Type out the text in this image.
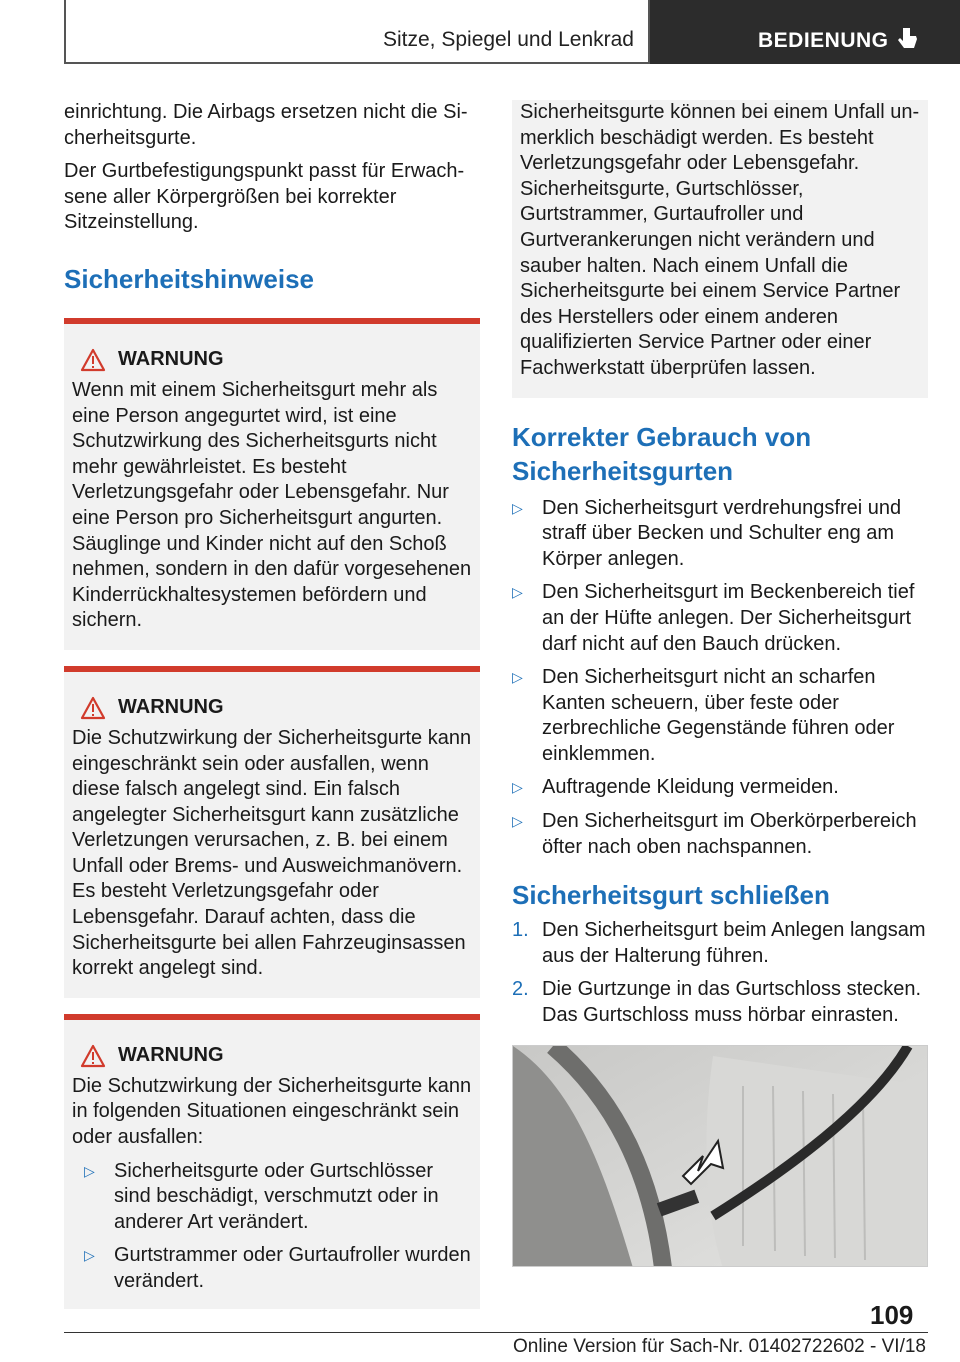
Sitze, Spiegel und Lenkrad	BEDIENUNG

einrichtung. Die Airbags ersetzen nicht die Sicherheitsgurte.

Der Gurtbefestigungspunkt passt für Erwachsene aller Körpergrößen bei korrekter Sitzeinstellung.

Sicherheitshinweise
WARNUNG

Wenn mit einem Sicherheitsgurt mehr als eine Person angegurtet wird, ist eine Schutzwirkung des Sicherheitsgurts nicht mehr gewährleistet. Es besteht Verletzungsgefahr oder Lebensgefahr. Nur eine Person pro Sicherheitsgurt angurten. Säuglinge und Kinder nicht auf den Schoß nehmen, sondern in den dafür vorgesehenen Kinderrückhaltesystemen befördern und sichern.

WARNUNG

Die Schutzwirkung der Sicherheitsgurte kann eingeschränkt sein oder ausfallen, wenn diese falsch angelegt sind. Ein falsch angelegter Sicherheitsgurt kann zusätzliche Verletzungen verursachen, z. B. bei einem Unfall oder Brems- und Ausweichmanövern. Es besteht Verletzungsgefahr oder Lebensgefahr. Darauf achten, dass die Sicherheitsgurte bei allen Fahrzeuginsassen korrekt angelegt sind.

WARNUNG

Die Schutzwirkung der Sicherheitsgurte kann in folgenden Situationen eingeschränkt sein oder ausfallen:

▷ Sicherheitsgurte oder Gurtschlösser sind beschädigt, verschmutzt oder in anderer Art verändert.
▷ Gurtstrammer oder Gurtaufroller wurden verändert.

Sicherheitsgurte können bei einem Unfall unmerklich beschädigt werden. Es besteht Verletzungsgefahr oder Lebensgefahr. Sicherheitsgurte, Gurtschlösser, Gurtstrammer, Gurtaufroller und Gurtverankerungen nicht verändern und sauber halten. Nach einem Unfall die Sicherheitsgurte bei einem Service Partner des Herstellers oder einem anderen qualifizierten Service Partner oder einer Fachwerkstatt überprüfen lassen.

Korrekter Gebrauch von Sicherheitsgurten
▷ Den Sicherheitsgurt verdrehungsfrei und straff über Becken und Schulter eng am Körper anlegen.
▷ Den Sicherheitsgurt im Beckenbereich tief an der Hüfte anlegen. Der Sicherheitsgurt darf nicht auf den Bauch drücken.
▷ Den Sicherheitsgurt nicht an scharfen Kanten scheuern, über feste oder zerbrechliche Gegenstände führen oder einklemmen.
▷ Auftragende Kleidung vermeiden.
▷ Den Sicherheitsgurt im Oberkörperbereich öfter nach oben nachspannen.
Sicherheitsgurt schließen
1. Den Sicherheitsgurt beim Anlegen langsam aus der Halterung führen.
2. Die Gurtzunge in das Gurtschloss stecken. Das Gurtschloss muss hörbar einrasten.
109
Online Version für Sach-Nr. 01402722602 - VI/18
